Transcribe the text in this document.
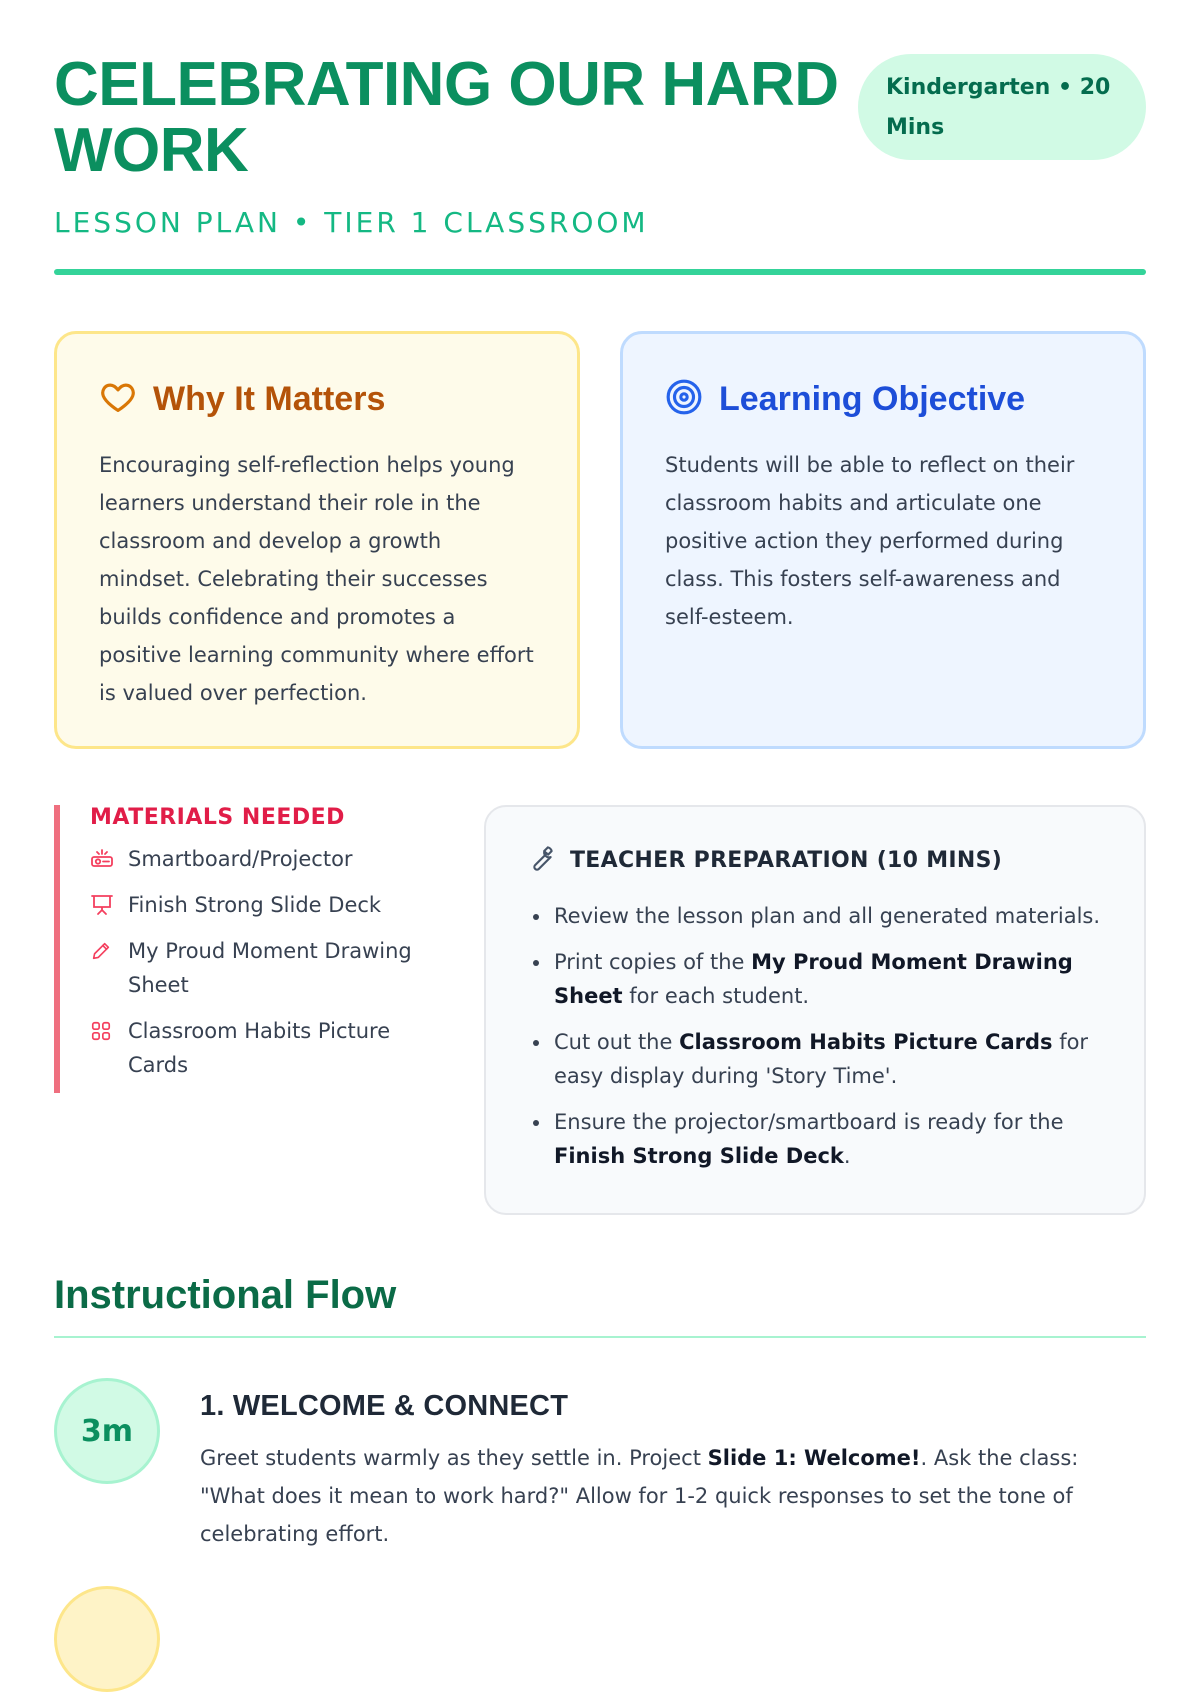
CELEBRATING OUR HARD WORK
LESSON PLAN • TIER 1 CLASSROOM
Kindergarten • 20 Mins
Why It Matters

Encouraging self-reflection helps young learners understand their role in the classroom and develop a growth mindset. Celebrating their successes builds confidence and promotes a positive learning community where effort is valued over perfection.

Learning Objective

Students will be able to reflect on their classroom habits and articulate one positive action they performed during class. This fosters self-awareness and self-esteem.

MATERIALS NEEDED
Smartboard/Projector
Finish Strong Slide Deck
My Proud Moment Drawing Sheet
Classroom Habits Picture Cards
TEACHER PREPARATION (10 MINS)
• Review the lesson plan and all generated materials.
• Print copies of the My Proud Moment Drawing Sheet for each student.
• Cut out the Classroom Habits Picture Cards for easy display during 'Story Time'.
• Ensure the projector/smartboard is ready for the Finish Strong Slide Deck.
Instructional Flow
3m
1. WELCOME & CONNECT

Greet students warmly as they settle in. Project Slide 1: Welcome!. Ask the class: "What does it mean to work hard?" Allow for 1-2 quick responses to set the tone of celebrating effort.
